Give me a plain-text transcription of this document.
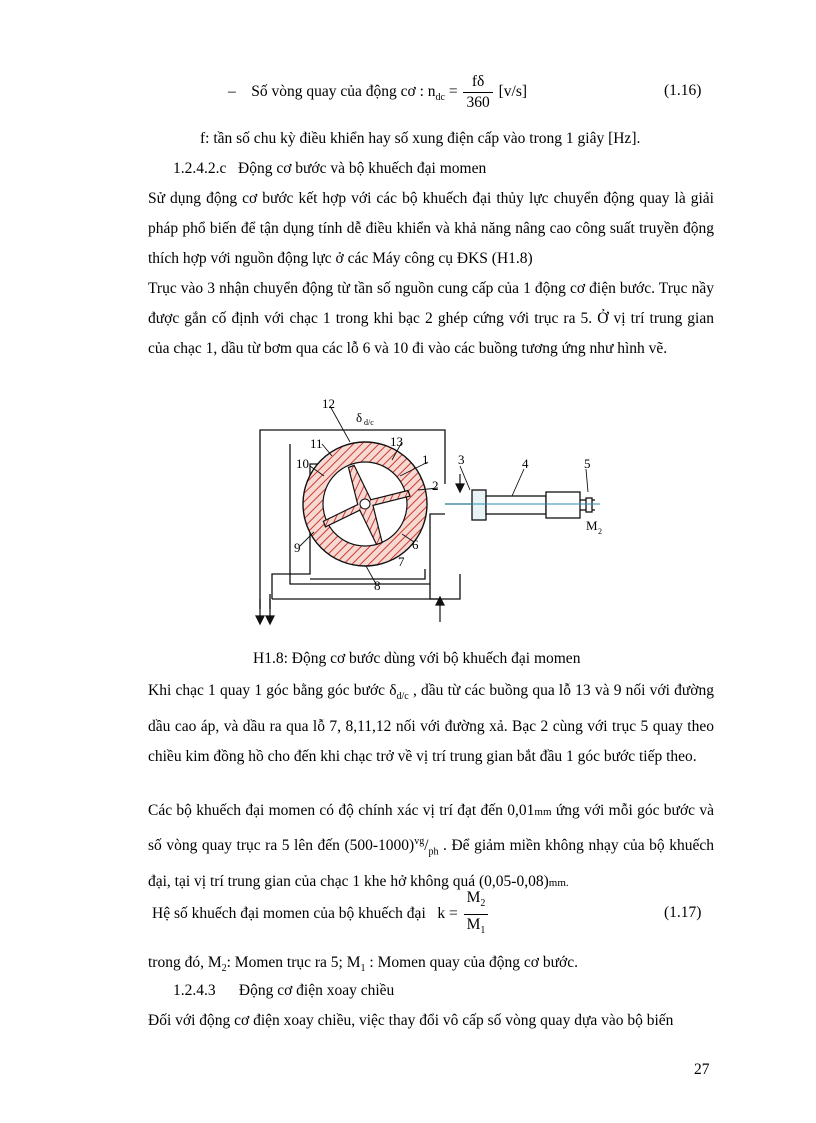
– Số vòng quay của động cơ : $n_{dc} = \frac{f\delta}{360} [v/s]$	(1.16)
f: tần số chu kỳ điều khiển hay số xung điện cấp vào trong 1 giây [Hz].
1.2.4.2.c Động cơ bước và bộ khuếch đại momen
Sử dụng động cơ bước kết hợp với các bộ khuếch đại thủy lực chuyển động quay là giải pháp phổ biến để tận dụng tính dễ điều khiển và khả năng nâng cao công suất truyền động thích hợp với nguồn động lực ở các Máy công cụ ĐKS (H1.8)
Trục vào 3 nhận chuyển động từ tần số nguồn cung cấp của 1 động cơ điện bước. Trục nầy được gắn cố định với chạc 1 trong khi bạc 2 ghép cứng với trục ra 5. Ở vị trí trung gian của chạc 1, dầu từ bơm qua các lỗ 6 và 10 đi vào các buồng tương ứng như hình vẽ.
12
δ d/c
11	13
1
10
2
3	4	5
M 2
9	6
7
8
H1.8: Động cơ bước dùng với bộ khuếch đại momen
Khi chạc 1 quay 1 góc bằng góc bước $\delta_{d/c}$ , dầu từ các buồng qua lỗ 13 và 9 nối với đường dầu cao áp, và dầu ra qua lỗ 7, 8,11,12 nối với đường xả. Bạc 2 cùng với trục 5 quay theo chiều kim đồng hồ cho đến khi chạc trở về vị trí trung gian bắt đầu 1 góc bước tiếp theo.
Các bộ khuếch đại momen có độ chính xác vị trí đạt đến 0,01mm ứng với mỗi góc bước và số vòng quay trục ra 5 lên đến $(500-1000)^{vg}/_{ph}$ . Để giảm miền không nhạy của bộ khuếch đại, tại vị trí trung gian của chạc 1 khe hở không quá (0,05-0,08)mm.
Hệ số khuếch đại momen của bộ khuếch đại $k = \frac{M_2}{M_1}$	(1.17)
trong đó, $M_2$: Momen trục ra 5; $M_1$ : Momen quay của động cơ bước.
1.2.4.3 Động cơ điện xoay chiều
Đối với động cơ điện xoay chiều, việc thay đổi vô cấp số vòng quay dựa vào bộ biến
27
